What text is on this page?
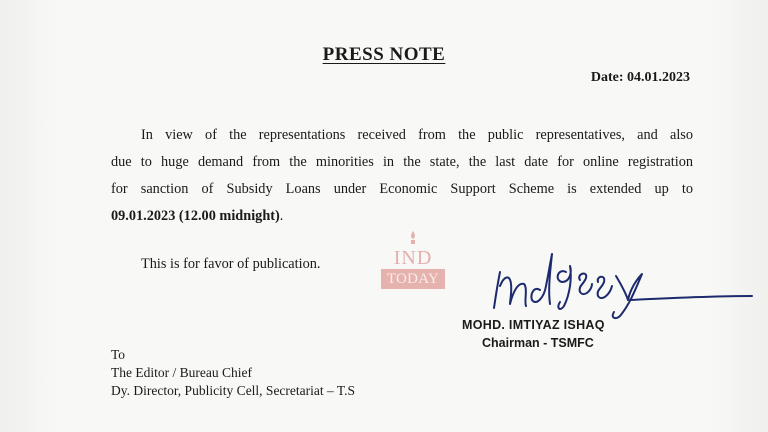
PRESS NOTE
Date: 04.01.2023
In view of the representations received from the public representatives, and also
due to huge demand from the minorities in the state, the last date for online registration
for sanction of Subsidy Loans under Economic Support Scheme is extended up to
09.01.2023 (12.00 midnight).
This is for favor of publication.	IND
TODAY
MOHD. IMTIYAZ ISHAQ
Chairman - TSMFC
To
The Editor / Bureau Chief
Dy. Director, Publicity Cell, Secretariat – T.S
